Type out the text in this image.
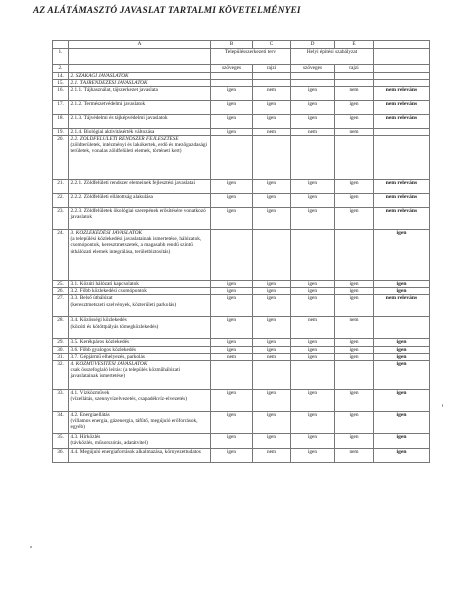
AZ ALÁTÁMASZTÓ JAVASLAT TARTALMI KÖVETELMÉNYEI
	A	B	C	D	E	
1.		Településszerkezeti terv		Helyi építési szabályzat		
2.		szöveges	rajzi	szöveges	rajzi	
14.	2. SZAKÁGI JAVASLATOK					
15.	2.1. TÁJRENDEZÉSI JAVASLATOK					
16.	2.1.1. Tájhasználat, tájszerkezet javaslata	igen	nem	igen	nem	nem releváns
17.	2.1.2. Természetvédelmi javaslatok	igen	igen	igen	igen	nem releváns
18.	2.1.3. Tájvédelmi és tájképvédelmi javaslatok	igen	igen	igen	igen	nem releváns
19.	2.1.4. Biológiai aktivitásérték változása	igen	nem	nem	nem	
20.	2.2. ZÖLDFELÜLETI RENDSZER FEJLESZTÉSE
(zöldterületek, intézményi és lakókertek, erdő és mezőgazdasági területek, vonalas zöldfelületi elemek, történeti kert)					

21.	2.2.1. Zöldfelületi rendszer elemeinek fejlesztési javaslatai	igen	igen	igen	igen	nem releváns
22.	2.2.2. Zöldfelületi ellátottság alakulása	igen	igen	igen	igen	nem releváns
23.	2.2.3. Zöldfelületek ökológiai szerepének erősítésére vonatkozó javaslatok	igen	igen	igen	igen	nem releváns
24.	3. KÖZLEKEDÉSI JAVASLATOK
(a települési közlekedési javaslatainak ismertetése, hálózatok, csomópontok, keresztmetszetek, a magasabb rendű szintű úthálózati elemek integrálása, területbiztosítás)					igen
25.	3.1. Közúti hálózati kapcsolatok	igen	igen	igen	igen	igen
26.	3.2. Főbb közlekedési csomópontok	igen	igen	igen	igen	igen
27.	3.3. Belső úthálózat
(keresztmetszeti szelvények, közterületi parkolás)	igen	igen	igen	igen	nem releváns
28.	3.4. Közösségi közlekedés
(közúti és kötöttpályás tömegközlekedés)	igen	igen	nem	nem	
29.	3.5. Kerékpáros közlekedés	igen	igen	igen	igen	igen
30.	3.6. Főbb gyalogos közlekedés	igen	igen	igen	igen	igen
31.	3.7. Gépjármű elhelyezés, parkolás	nem	nem	igen	igen	igen
32.	4. KÖZMŰVESÍTÉSI JAVASLATOK
csak összefoglaló leírás: (a település közműhálózati javaslatainak ismertetése)					igen
33.	4.1. Vízközművek
(vízellátás, szennyvízelvezetés, csapadékvíz-elvezetés)	igen	igen	igen	igen	igen
34.	4.2. Energiaellátás
(villamos energia, gázenergia, táfűtő, megújuló erőforrások, egyéb)	igen	igen	igen	igen	igen
35.	4.3. Hírközlés
(távközlés, műsorszórás, adatátvitel)	igen	igen	igen	igen	igen
36.	4.4. Megújuló energiaforrások alkalmazása, környezettudatos	igen	nem	igen	nem	igen
